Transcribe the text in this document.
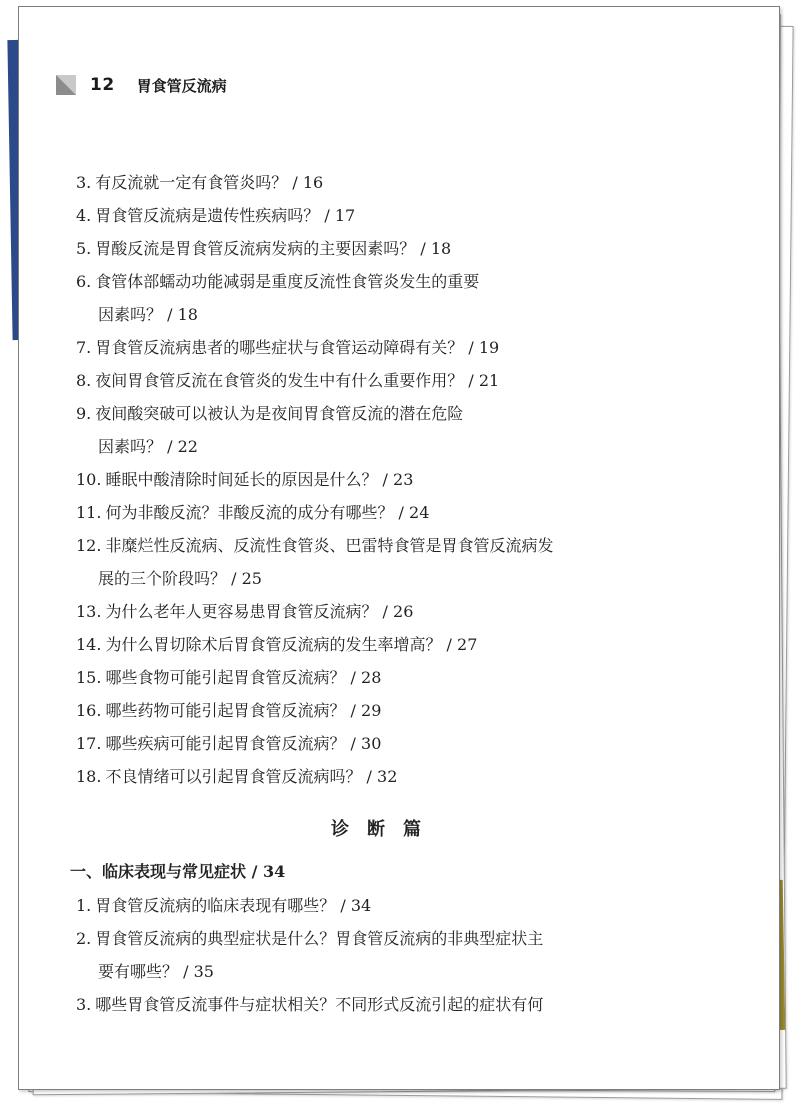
12 胃食管反流病
3. 有反流就一定有食管炎吗？ / 16
4. 胃食管反流病是遗传性疾病吗？ / 17
5. 胃酸反流是胃食管反流病发病的主要因素吗？ / 18
6. 食管体部蠕动功能减弱是重度反流性食管炎发生的重要
因素吗？ / 18
7. 胃食管反流病患者的哪些症状与食管运动障碍有关？ / 19
8. 夜间胃食管反流在食管炎的发生中有什么重要作用？ / 21
9. 夜间酸突破可以被认为是夜间胃食管反流的潜在危险
因素吗？ / 22
10. 睡眠中酸清除时间延长的原因是什么？ / 23
11. 何为非酸反流？非酸反流的成分有哪些？ / 24
12. 非糜烂性反流病、反流性食管炎、巴雷特食管是胃食管反流病发
展的三个阶段吗？ / 25
13. 为什么老年人更容易患胃食管反流病？ / 26
14. 为什么胃切除术后胃食管反流病的发生率增高？ / 27
15. 哪些食物可能引起胃食管反流病？ / 28
16. 哪些药物可能引起胃食管反流病？ / 29
17. 哪些疾病可能引起胃食管反流病？ / 30
18. 不良情绪可以引起胃食管反流病吗？ / 32
诊断篇
一、临床表现与常见症状 / 34
1. 胃食管反流病的临床表现有哪些？ / 34
2. 胃食管反流病的典型症状是什么？胃食管反流病的非典型症状主
要有哪些？ / 35
3. 哪些胃食管反流事件与症状相关？不同形式反流引起的症状有何
